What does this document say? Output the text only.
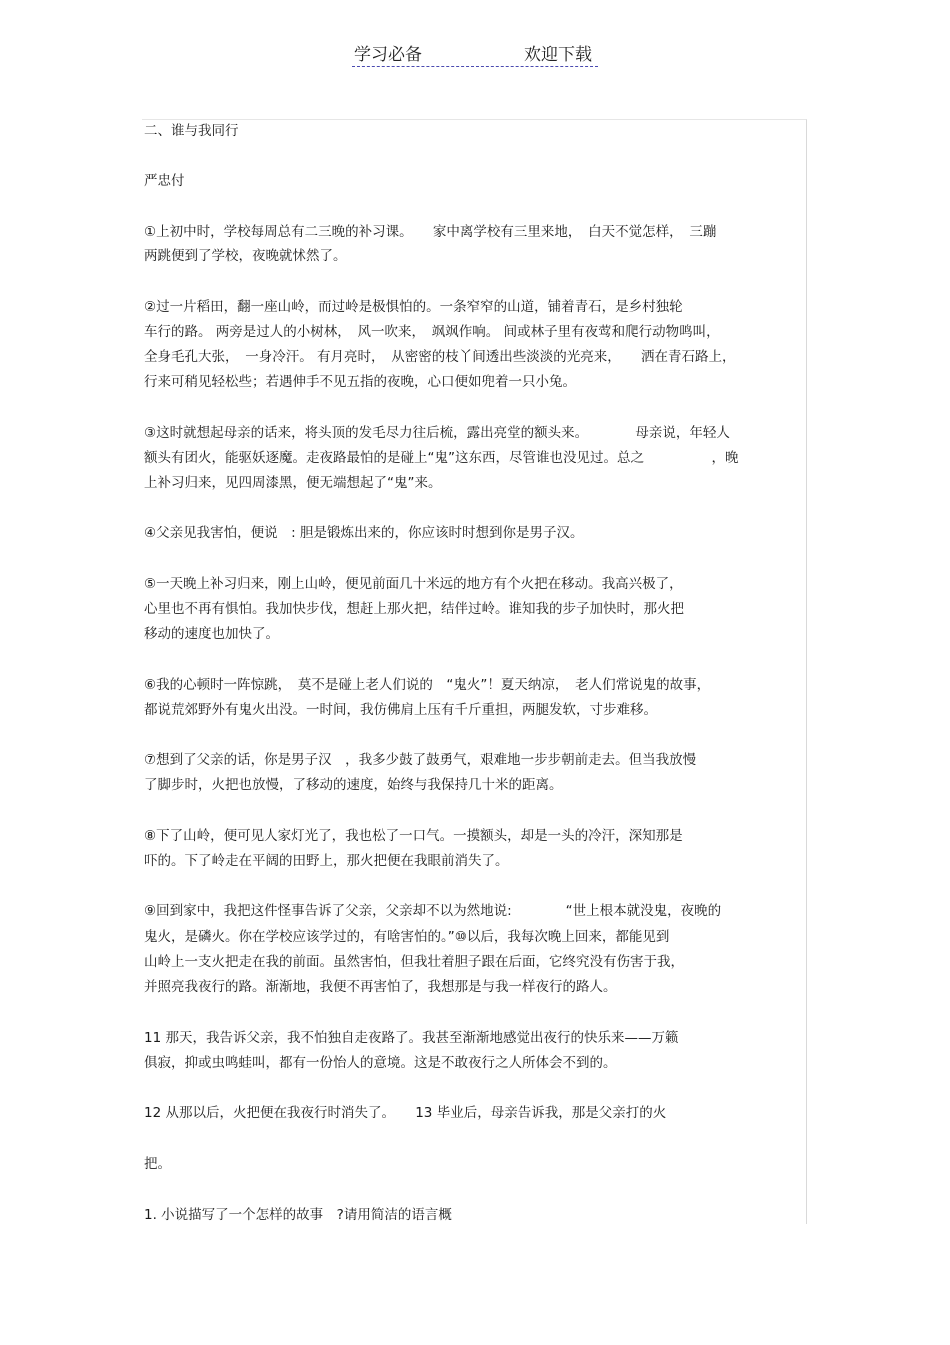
学习必备	欢迎下载
二、谁与我同行
严忠付
①上初中时，学校每周总有二三晚的补习课。　　家中离学校有三里来地，　白天不觉怎样，　三蹦
两跳便到了学校，夜晚就怵然了。
②过一片稻田，翻一座山岭，而过岭是极惧怕的。一条窄窄的山道，铺着青石，是乡村独轮
车行的路。 两旁是过人的小树林，　风一吹来，　飒飒作响。 间或林子里有夜莺和爬行动物鸣叫，
全身毛孔大张，　一身冷汗。 有月亮时，　从密密的枝丫间透出些淡淡的光亮来，　　洒在青石路上，
行来可稍见轻松些；若遇伸手不见五指的夜晚，心口便如兜着一只小兔。
③这时就想起母亲的话来，将头顶的发毛尽力往后梳，露出亮堂的额头来。　　　　母亲说，年轻人
额头有团火，能驱妖逐魔。走夜路最怕的是碰上“鬼”这东西，尽管谁也没见过。总之　　　　　，晚
上补习归来，见四周漆黑，便无端想起了“鬼”来。
④父亲见我害怕，便说　: 胆是锻炼出来的，你应该时时想到你是男子汉。
⑤一天晚上补习归来，刚上山岭，便见前面几十米远的地方有个火把在移动。我高兴极了，
心里也不再有惧怕。我加快步伐，想赶上那火把，结伴过岭。谁知我的步子加快时，那火把
移动的速度也加快了。
⑥我的心顿时一阵惊跳，　莫不是碰上老人们说的　“鬼火”！夏天纳凉，　老人们常说鬼的故事，
都说荒郊野外有鬼火出没。一时间，我仿佛肩上压有千斤重担，两腿发软，寸步难移。
⑦想到了父亲的话，你是男子汉　，我多少鼓了鼓勇气，艰难地一步步朝前走去。但当我放慢
了脚步时，火把也放慢，了移动的速度，始终与我保持几十米的距离。
⑧下了山岭，便可见人家灯光了，我也松了一口气。一摸额头，却是一头的冷汗，深知那是
吓的。下了岭走在平阔的田野上，那火把便在我眼前消失了。
⑨回到家中，我把这件怪事告诉了父亲，父亲却不以为然地说:　　　　“世上根本就没鬼，夜晚的
鬼火，是磷火。你在学校应该学过的，有啥害怕的。”⑩以后，我每次晚上回来，都能见到
山岭上一支火把走在我的前面。虽然害怕，但我壮着胆子跟在后面，它终究没有伤害于我，
并照亮我夜行的路。渐渐地，我便不再害怕了，我想那是与我一样夜行的路人。
11 那天，我告诉父亲，我不怕独自走夜路了。我甚至渐渐地感觉出夜行的快乐来——万籁
俱寂，抑或虫鸣蛙叫，都有一份怡人的意境。这是不敢夜行之人所体会不到的。
12 从那以后，火把便在我夜行时消失了。　　13 毕业后，母亲告诉我，那是父亲打的火
把。
1. 小说描写了一个怎样的故事　?请用简洁的语言概
